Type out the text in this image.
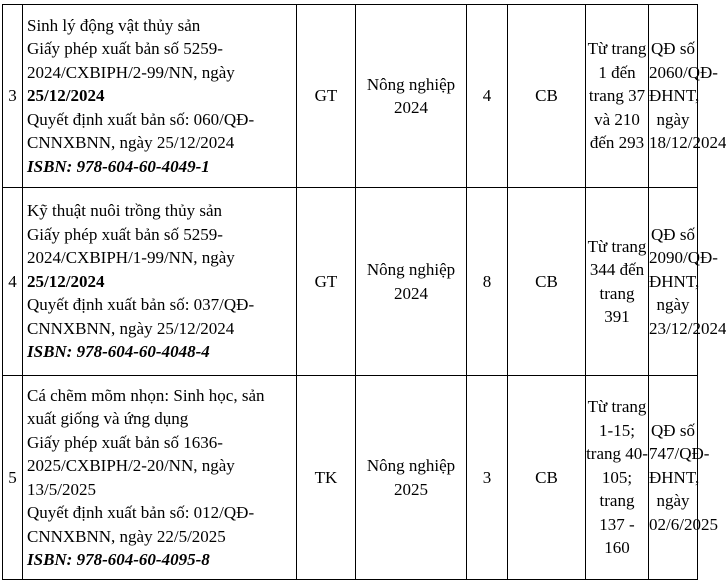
3	Sinh lý động vật thủy sản
Giấy phép xuất bản số 5259-2024/CXBIPH/2-99/NN, ngày 25/12/2024
Quyết định xuất bản số: 060/QĐ-CNNXBNN, ngày 25/12/2024
ISBN: 978-604-60-4049-1	GT	Nông nghiệp 2024	4	CB	Từ trang 1 đến trang 37 và 210 đến 293	QĐ số 2060/QĐ-ĐHNT, ngày 18/12/2024
4	Kỹ thuật nuôi trồng thủy sản
Giấy phép xuất bản số 5259-2024/CXBIPH/1-99/NN, ngày 25/12/2024
Quyết định xuất bản số: 037/QĐ-CNNXBNN, ngày 25/12/2024
ISBN: 978-604-60-4048-4	GT	Nông nghiệp 2024	8	CB	Từ trang 344 đến trang 391	QĐ số 2090/QĐ-ĐHNT, ngày 23/12/2024
5	Cá chẽm mõm nhọn: Sinh học, sản xuất giống và ứng dụng
Giấy phép xuất bản số 1636-2025/CXBIPH/2-20/NN, ngày 13/5/2025
Quyết định xuất bản số: 012/QĐ-CNNXBNN, ngày 22/5/2025
ISBN: 978-604-60-4095-8	TK	Nông nghiệp 2025	3	CB	Từ trang 1-15; trang 40-105; trang 137 - 160	QĐ số 747/QĐ-ĐHNT, ngày 02/6/2025
